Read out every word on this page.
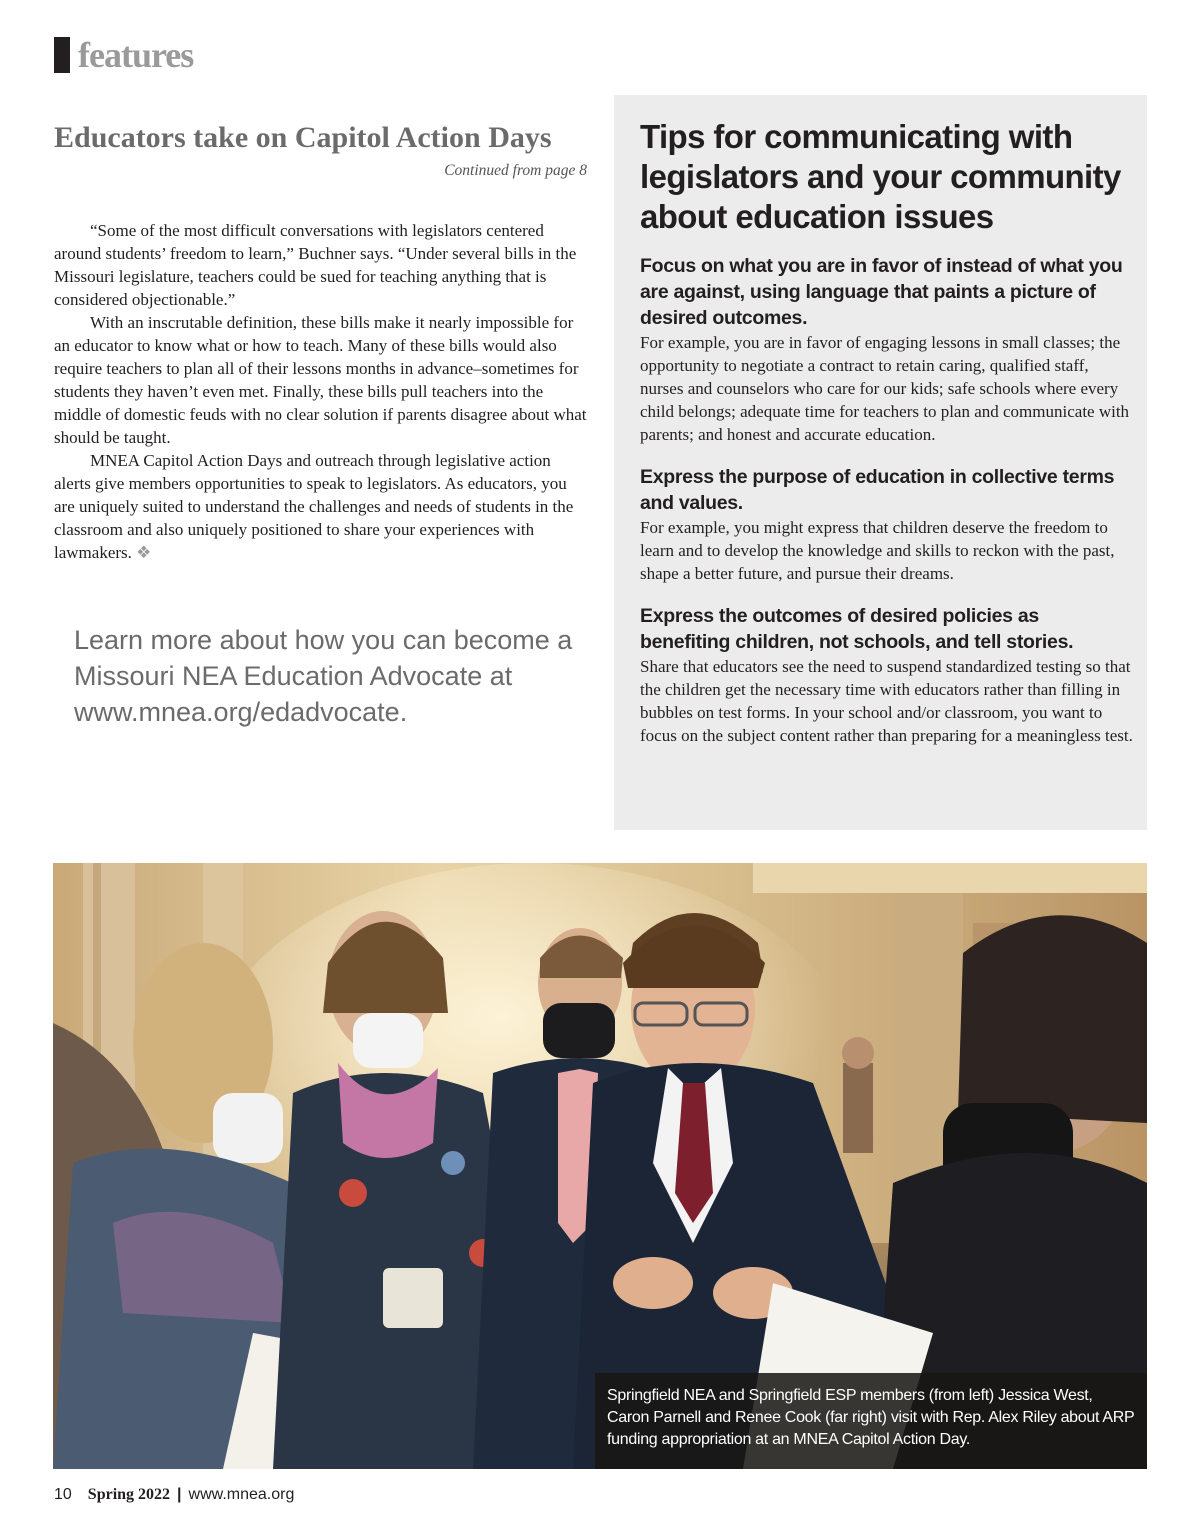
features
Educators take on Capitol Action Days

Continued from page 8

“Some of the most difficult conversations with legislators centered around students’ freedom to learn,” Buchner says. “Under several bills in the Missouri legislature, teachers could be sued for teaching anything that is considered objectionable.”

With an inscrutable definition, these bills make it nearly impossible for an educator to know what or how to teach. Many of these bills would also require teachers to plan all of their lessons months in advance–sometimes for students they haven’t even met. Finally, these bills pull teachers into the middle of domestic feuds with no clear solution if parents disagree about what should be taught.

MNEA Capitol Action Days and outreach through legislative action alerts give members opportunities to speak to legislators. As educators, you are uniquely suited to understand the challenges and needs of students in the classroom and also uniquely positioned to share your experiences with lawmakers. ❖

Learn more about how you can become a Missouri NEA Education Advocate at www.mnea.org/edadvocate.

Tips for communicating with legislators and your community about education issues

Focus on what you are in favor of instead of what you are against, using language that paints a picture of desired outcomes.

For example, you are in favor of engaging lessons in small classes; the opportunity to negotiate a contract to retain caring, qualified staff, nurses and counselors who care for our kids; safe schools where every child belongs; adequate time for teachers to plan and communicate with parents; and honest and accurate education.

Express the purpose of education in collective terms and values.

For example, you might express that children deserve the freedom to learn and to develop the knowledge and skills to reckon with the past, shape a better future, and pursue their dreams.

Express the outcomes of desired policies as benefiting children, not schools, and tell stories.

Share that educators see the need to suspend standardized testing so that the children get the necessary time with educators rather than filling in bubbles on test forms. In your school and/or classroom, you want to focus on the subject content rather than preparing for a meaningless test.

Springfield NEA and Springfield ESP members (from left) Jessica West, Caron Parnell and Renee Cook (far right) visit with Rep. Alex Riley about ARP funding appropriation at an MNEA Capitol Action Day.
10 Spring 2022 | www.mnea.org
